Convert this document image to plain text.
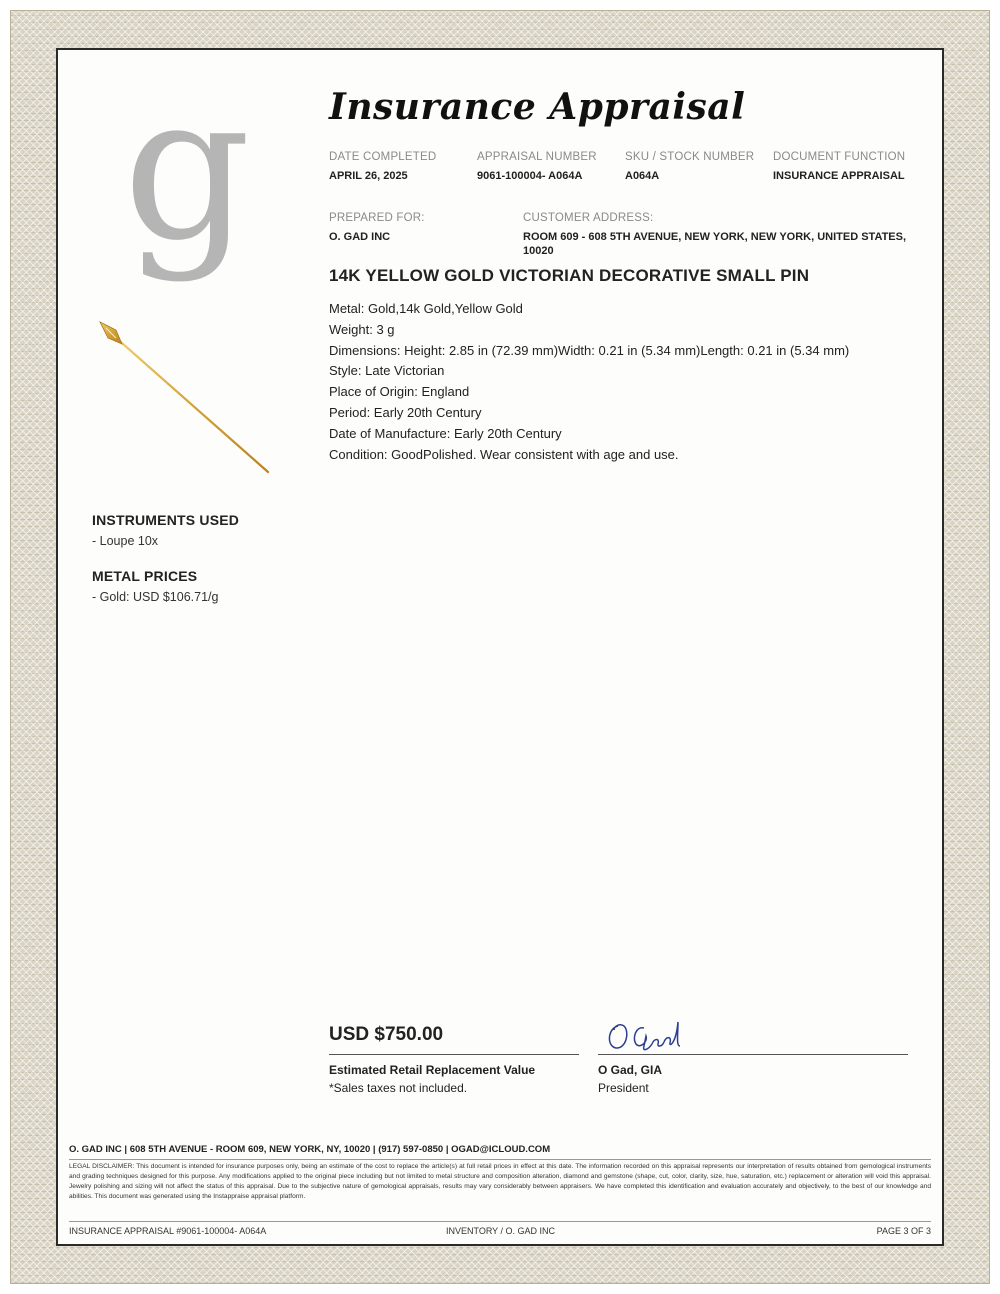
g Insurance Appraisal
DATE COMPLETED
APRIL 26, 2025
APPRAISAL NUMBER
9061-100004- A064A
SKU / STOCK NUMBER
A064A
DOCUMENT FUNCTION
INSURANCE APPRAISAL
PREPARED FOR:
O. GAD INC
CUSTOMER ADDRESS:
ROOM 609 - 608 5TH AVENUE, NEW YORK, NEW YORK, UNITED STATES,
10020
14K YELLOW GOLD VICTORIAN DECORATIVE SMALL PIN
Metal: Gold,14k Gold,Yellow Gold
Weight: 3 g
Dimensions: Height: 2.85 in (72.39 mm)Width: 0.21 in (5.34 mm)Length: 0.21 in (5.34 mm)
Style: Late Victorian
Place of Origin: England
Period: Early 20th Century
Date of Manufacture: Early 20th Century
Condition: GoodPolished. Wear consistent with age and use.
INSTRUMENTS USED
- Loupe 10x
METAL PRICES
- Gold: USD $106.71/g
USD $750.00
Estimated Retail Replacement Value
*Sales taxes not included.
O Gad, GIA
President
O. GAD INC | 608 5TH AVENUE - ROOM 609, NEW YORK, NY, 10020 | (917) 597-0850 | OGAD@ICLOUD.COM
LEGAL DISCLAIMER: This document is intended for insurance purposes only, being an estimate of the cost to replace the article(s) at full retail prices in effect at this date. The information recorded on this appraisal represents our interpretation of results obtained from gemological instruments and grading techniques designed for this purpose. Any modifications applied to the original piece including but not limited to metal structure and composition alteration, diamond and gemstone (shape, cut, color, clarity, size, hue, saturation, etc.) replacement or alteration will void this appraisal. Jewelry polishing and sizing will not affect the status of this appraisal. Due to the subjective nature of gemological appraisals, results may vary considerably between appraisers. We have completed this identification and evaluation accurately and objectively, to the best of our knowledge and abilities. This document was generated using the Instappraise appraisal platform.
INSURANCE APPRAISAL #9061-100004- A064A	INVENTORY / O. GAD INC	PAGE 3 OF 3
